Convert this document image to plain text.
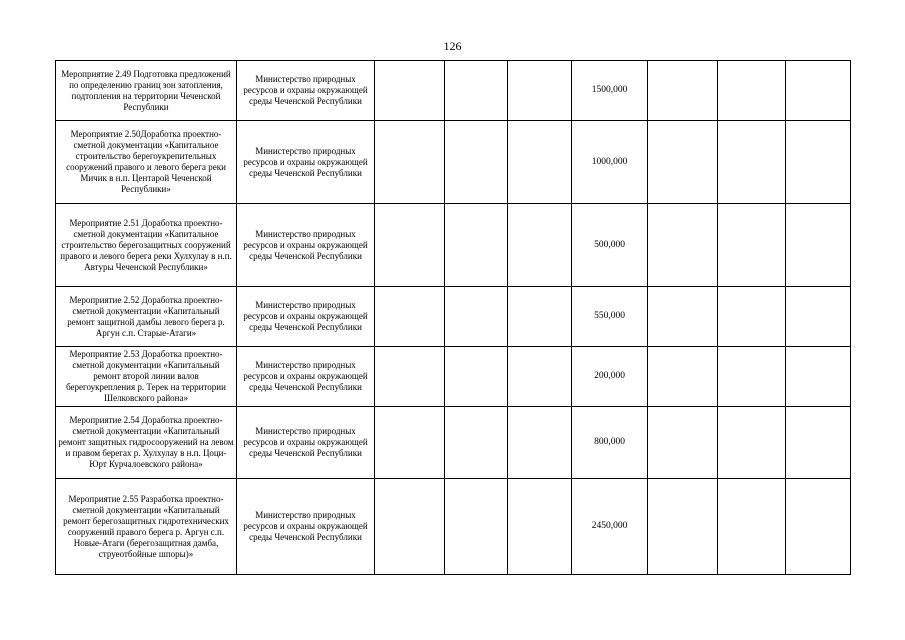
126
Мероприятие 2.49 Подготовка предложений по определению границ зон затопления, подтопления на территории Чеченской Республики	Министерство природных ресурсов и охраны окружающей среды Чеченской Республики				1500,000			
Мероприятие 2.50Доработка проектно-сметной документации «Капитальное строительство берегоукрепительных сооружений правого и левого берега реки Мичик в н.п. Центарой Чеченской Республики»	Министерство природных ресурсов и охраны окружающей среды Чеченской Республики				1000,000			
Мероприятие 2.51 Доработка проектно-сметной документации «Капитальное строительство берегозащитных сооружений правого и левого берега реки Хулхулау в н.п. Автуры Чеченской Республики»	Министерство природных ресурсов и охраны окружающей среды Чеченской Республики				500,000			
Мероприятие 2.52 Доработка проектно-сметной документации «Капитальный ремонт защитной дамбы левого берега р. Аргун с.п. Старые-Атаги»	Министерство природных ресурсов и охраны окружающей среды Чеченской Республики				550,000			
Мероприятие 2.53 Доработка проектно-сметной документации «Капитальный ремонт второй линии валов берегоукрепления р. Терек на территории Шелковского района»	Министерство природных ресурсов и охраны окружающей среды Чеченской Республики				200,000			
Мероприятие 2.54 Доработка проектно-сметной документации «Капитальный ремонт защитных гидросооружений на левом и правом берегах р. Хулхулау в н.п. Цоци-Юрт Курчалоевского района»	Министерство природных ресурсов и охраны окружающей среды Чеченской Республики				800,000			
Мероприятие 2.55 Разработка проектно-сметной документации «Капитальный ремонт берегозащитных гидротехнических сооружений правого берега р. Аргун с.п. Новые-Атаги (берегозащитная дамба, струеотбойные шпоры)»	Министерство природных ресурсов и охраны окружающей среды Чеченской Республики				2450,000			
